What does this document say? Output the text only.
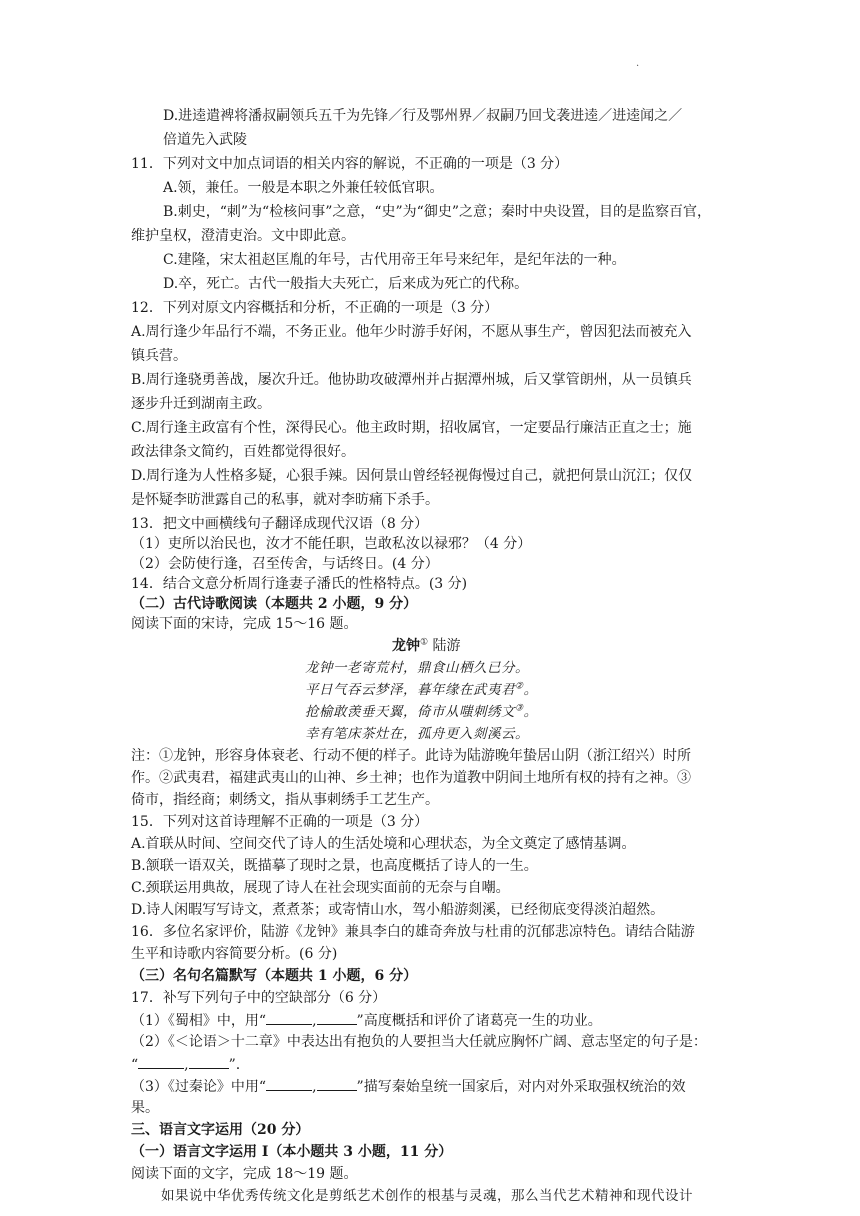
.
D.进逵遣裨将潘叔嗣领兵五千为先锋／行及鄂州界／叔嗣乃回戈袭进逵／进逵闻之／
倍道先入武陵
11．下列对文中加点词语的相关内容的解说，不正确的一项是（3 分）
A.领，兼任。一般是本职之外兼任较低官职。
B.刺史，“刺”为“检核问事”之意，“史”为“御史”之意；秦时中央设置，目的是监察百官，
维护皇权，澄清吏治。文中即此意。
C.建隆，宋太祖赵匡胤的年号，古代用帝王年号来纪年，是纪年法的一种。
D.卒，死亡。古代一般指大夫死亡，后来成为死亡的代称。
12．下列对原文内容概括和分析，不正确的一项是（3 分）
A.周行逢少年品行不端，不务正业。他年少时游手好闲，不愿从事生产，曾因犯法而被充入
镇兵营。
B.周行逢骁勇善战，屡次升迁。他协助攻破潭州并占据潭州城，后又掌管朗州，从一员镇兵
逐步升迁到湖南主政。
C.周行逢主政富有个性，深得民心。他主政时期，招收属官，一定要品行廉洁正直之士；施
政法律条文简约，百姓都觉得很好。
D.周行逢为人性格多疑，心狠手辣。因何景山曾经轻视侮慢过自己，就把何景山沉江；仅仅
是怀疑李昉泄露自己的私事，就对李昉痛下杀手。
13．把文中画横线句子翻译成现代汉语（8 分）
（1）吏所以治民也，汝才不能任职，岂敢私汝以禄邪？（4 分）
（2）会防使行逢，召至传舍，与话终日。(4 分）
14．结合文意分析周行逢妻子潘氏的性格特点。(3 分)
（二）古代诗歌阅读（本题共 2 小题，9 分）
阅读下面的宋诗，完成 15～16 题。
龙钟① 陆游
龙钟一老寄荒村，鼎食山栖久已分。
平日气吞云梦泽，暮年缘在武夷君②。
抢榆敢羡垂天翼，倚市从嗤刺绣文③。
幸有笔床茶灶在，孤舟更入剡溪云。
注：①龙钟，形容身体衰老、行动不便的样子。此诗为陆游晚年蛰居山阴（浙江绍兴）时所
作。②武夷君，福建武夷山的山神、乡土神；也作为道教中阴间土地所有权的持有之神。③
倚市，指经商；刺绣文，指从事刺绣手工艺生产。
15．下列对这首诗理解不正确的一项是（3 分）
A.首联从时间、空间交代了诗人的生活处境和心理状态，为全文奠定了感情基调。
B.颔联一语双关，既描摹了现时之景，也高度概括了诗人的一生。
C.颈联运用典故，展现了诗人在社会现实面前的无奈与自嘲。
D.诗人闲暇写写诗文，煮煮茶；或寄情山水，驾小船游剡溪，已经彻底变得淡泊超然。
16．多位名家评价，陆游《龙钟》兼具李白的雄奇奔放与杜甫的沉郁悲凉特色。请结合陆游
生平和诗歌内容简要分析。(6 分)
（三）名句名篇默写（本题共 1 小题，6 分）
17．补写下列句子中的空缺部分（6 分）
（1）《蜀相》中，用“	,	”高度概括和评价了诸葛亮一生的功业。
（2）《＜论语＞十二章》中表达出有抱负的人要担当大任就应胸怀广阔、意志坚定的句子是：
“	,	”.
（3）《过秦论》中用“	,	”描写秦始皇统一国家后，对内对外采取强权统治的效
果。
三、语言文字运用（20 分）
（一）语言文字运用 I（本小题共 3 小题，11 分）
阅读下面的文字，完成 18～19 题。
如果说中华优秀传统文化是剪纸艺术创作的根基与灵魂，那么当代艺术精神和现代设计
